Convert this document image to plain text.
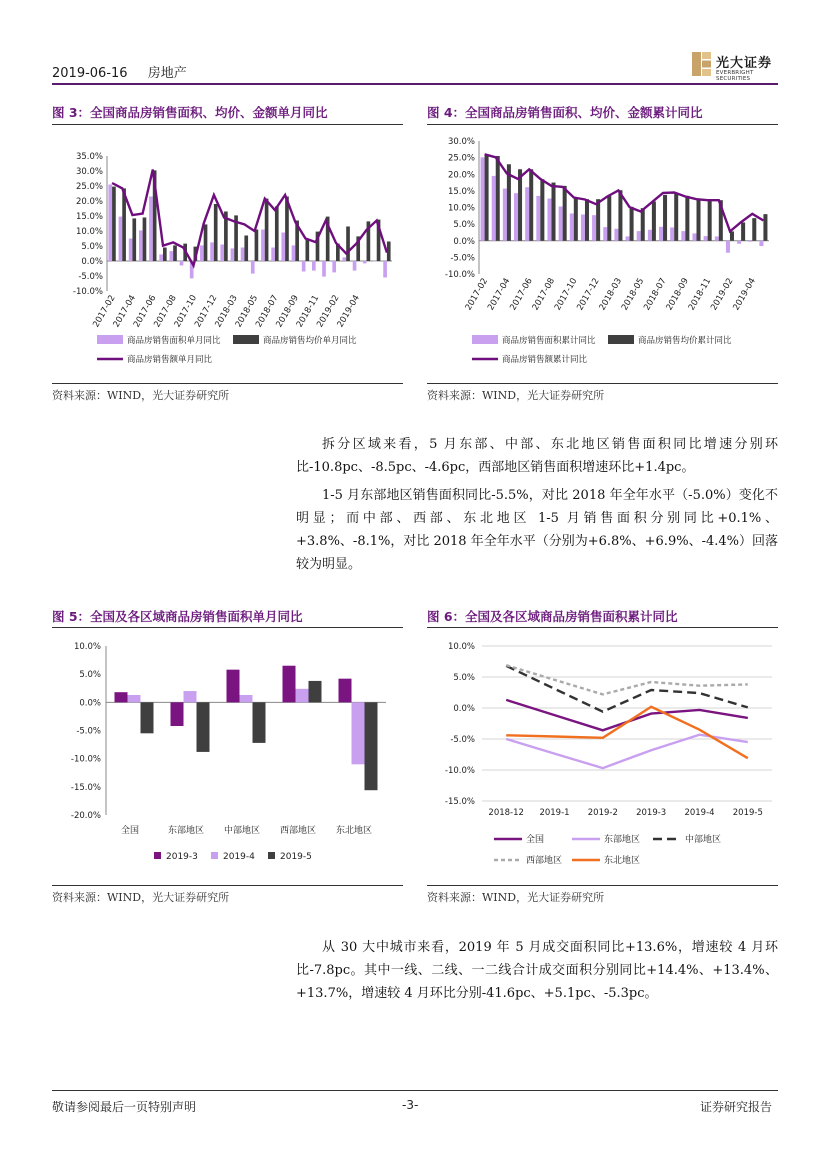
2019-06-16 房地产
光大证券
EVERBRIGHT SECURITIES
图 3：全国商品房销售面积、均价、金额单月同比	图 4：全国商品房销售面积、均价、金额累计同比
-10.0%
-5.0%
0.0%
5.0%
10.0%
15.0%
20.0%
25.0%
30.0%
35.0%
2017-02
2017-04
2017-06
2017-08
2017-10
2017-12
2018-03
2018-05
2018-07
2018-09
2018-11
2019-02
2019-04
商品房销售面积单月同比	商品房销售均价单月同比
商品房销售额单月同比
-10.0%
-5.0%
0.0%
5.0%
10.0%
15.0%
20.0%
25.0%
30.0%
2017-02
2017-04
2017-06
2017-08
2017-10
2017-12
2018-03
2018-05
2018-07
2018-09
2018-11
2019-02
2019-04
商品房销售面积累计同比	商品房销售均价累计同比
商品房销售额累计同比
资料来源：WIND，光大证券研究所	资料来源：WIND，光大证券研究所

拆分区域来看，5 月东部、中部、东北地区销售面积同比增速分别环比-10.8pc、-8.5pc、-4.6pc，西部地区销售面积增速环比+1.4pc。

1-5 月东部地区销售面积同比-5.5%，对比 2018 年全年水平（-5.0%）变化不明显；而中部、西部、东北地区 1-5 月销售面积分别同比+0.1%、+3.8%、-8.1%，对比 2018 年全年水平（分别为+6.8%、+6.9%、-4.4%）回落较为明显。

图 5：全国及各区域商品房销售面积单月同比	图 6：全国及各区域商品房销售面积累计同比
-20.0%
-15.0%
-10.0%
-5.0%
0.0%
5.0%
10.0%
全国	东部地区 中部地区 西部地区 东北地区
2019-3	2019-4	2019-5
-15.0%
-10.0%
-5.0%
0.0%
5.0%
10.0%
2018-12 2019-1 2019-2 2019-3 2019-4 2019-5
全国	东部地区	中部地区
西部地区	东北地区
资料来源：WIND，光大证券研究所	资料来源：WIND，光大证券研究所

从 30 大中城市来看，2019 年 5 月成交面积同比+13.6%，增速较 4 月环比-7.8pc。其中一线、二线、一二线合计成交面积分别同比+14.4%、+13.4%、+13.7%，增速较 4 月环比分别-41.6pc、+5.1pc、-5.3pc。

敬请参阅最后一页特别声明	-3-	证券研究报告
